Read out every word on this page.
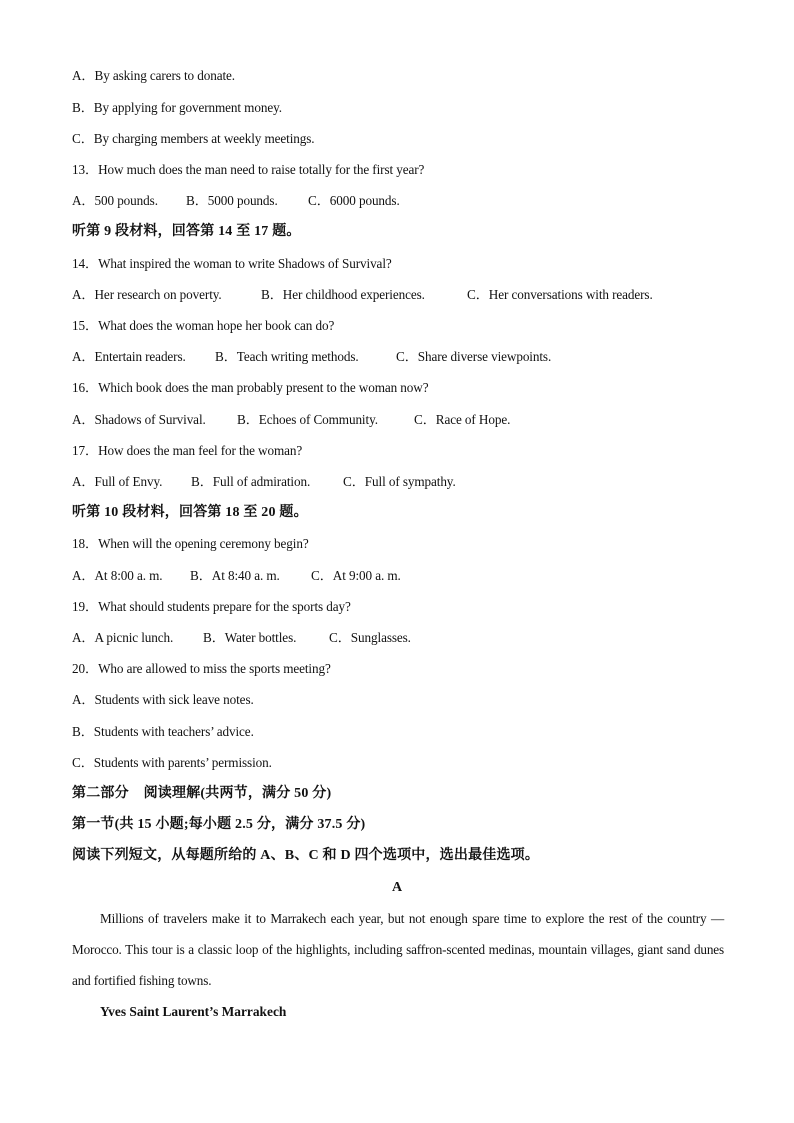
A．By asking carers to donate.
B．By applying for government money.
C．By charging members at weekly meetings.
13．How much does the man need to raise totally for the first year?
A．500 pounds. B．5000 pounds. C．6000 pounds.
听第 9 段材料，回答第 14 至 17 题。
14．What inspired the woman to write Shadows of Survival?
A．Her research on poverty.	B．Her childhood experiences.	C．Her conversations with readers.
15．What does the woman hope her book can do?
A．Entertain readers. B．Teach writing methods.	C．Share diverse viewpoints.
16．Which book does the man probably present to the woman now?
A．Shadows of Survival. B．Echoes of Community.	C．Race of Hope.
17．How does the man feel for the woman?
A．Full of Envy. B．Full of admiration. C．Full of sympathy.
听第 10 段材料，回答第 18 至 20 题。
18．When will the opening ceremony begin?
A．At 8:00 a. m. B．At 8:40 a. m. C．At 9:00 a. m.
19．What should students prepare for the sports day?
A．A picnic lunch. B．Water bottles. C．Sunglasses.
20．Who are allowed to miss the sports meeting?
A．Students with sick leave notes.
B．Students with teachers’ advice.
C．Students with parents’ permission.
第二部分    阅读理解(共两节，满分 50 分)
第一节(共 15 小题;每小题 2.5 分，满分 37.5 分)
阅读下列短文，从每题所给的 A、B、C 和 D 四个选项中，选出最佳选项。
A
Millions of travelers make it to Marrakech each year, but not enough spare time to explore the rest of the country — Morocco. This tour is a classic loop of the highlights, including saffron-scented medinas, mountain villages, giant sand dunes and fortified fishing towns.
Yves Saint Laurent’s Marrakech
